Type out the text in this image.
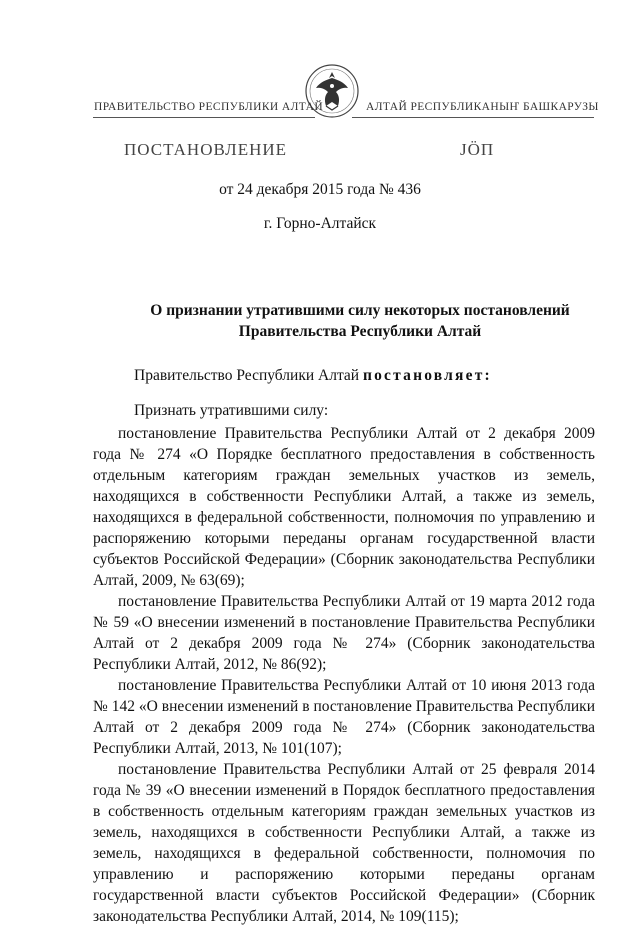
ПРАВИТЕЛЬСТВО РЕСПУБЛИКИ АЛТАЙ	АЛТАЙ РЕСПУБЛИКАНЫҤ БАШКАРУЗЫ
ПОСТАНОВЛЕНИЕ	JÖП
от 24 декабря 2015 года № 436
г. Горно-Алтайск
О признании утратившими силу некоторых постановлений
Правительства Республики Алтай
Правительство Республики Алтай постановляет:
Признать утратившими силу:

постановление Правительства Республики Алтай от 2 декабря 2009 года № 274 «О Порядке бесплатного предоставления в собственность отдельным категориям граждан земельных участков из земель, находящихся в собственности Республики Алтай, а также из земель, находящихся в федеральной собственности, полномочия по управлению и распоряжению которыми переданы органам государственной власти субъектов Российской Федерации» (Сборник законодательства Республики Алтай, 2009, № 63(69);

постановление Правительства Республики Алтай от 19 марта 2012 года № 59 «О внесении изменений в постановление Правительства Республики Алтай от 2 декабря 2009 года № 274» (Сборник законодательства Республики Алтай, 2012, № 86(92);

постановление Правительства Республики Алтай от 10 июня 2013 года № 142 «О внесении изменений в постановление Правительства Республики Алтай от 2 декабря 2009 года № 274» (Сборник законодательства Республики Алтай, 2013, № 101(107);

постановление Правительства Республики Алтай от 25 февраля 2014 года № 39 «О внесении изменений в Порядок бесплатного предоставления в собственность отдельным категориям граждан земельных участков из земель, находящихся в собственности Республики Алтай, а также из земель, находящихся в федеральной собственности, полномочия по управлению и распоряжению которыми переданы органам государственной власти субъектов Российской Федерации» (Сборник законодательства Республики Алтай, 2014, № 109(115);
